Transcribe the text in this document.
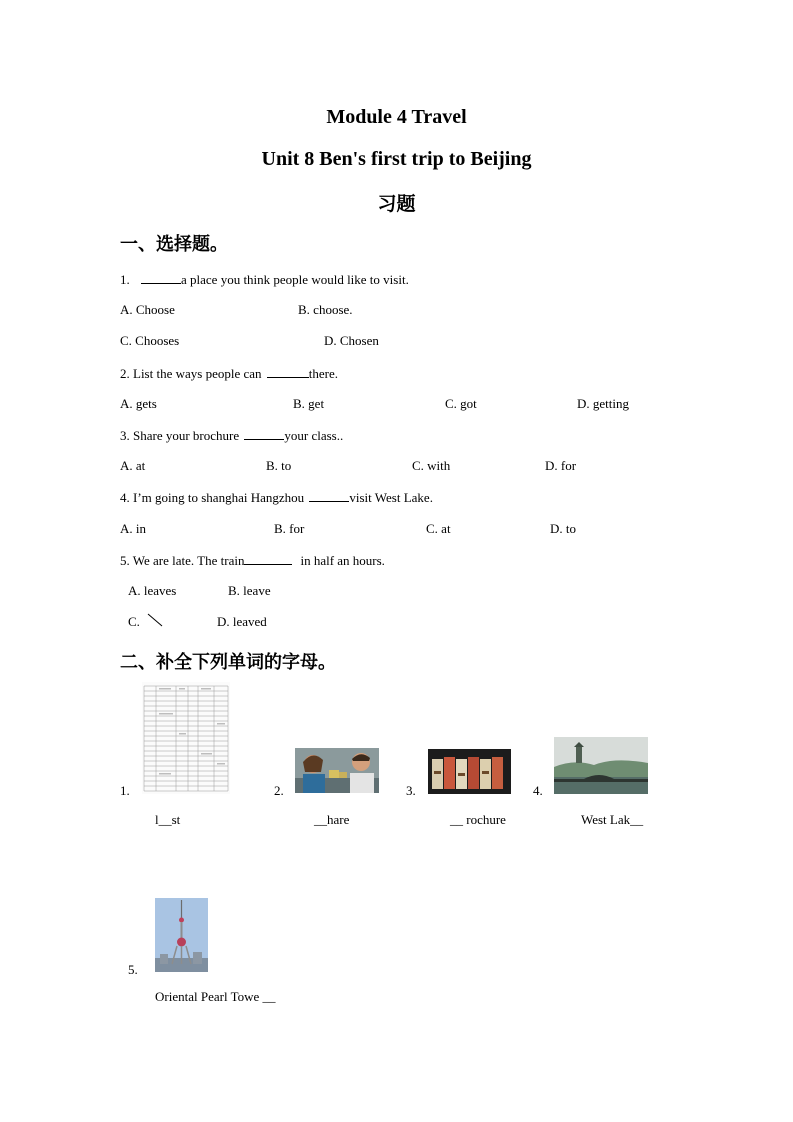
Module 4 Travel
Unit 8 Ben's first trip to Beijing
习题
一、选择题。
1.	a place you think people would like to visit.
A. Choose	B. choose.
C. Chooses	D. Chosen
2. List the ways people can	there.
A. gets	B. get	C. got	D. getting
3. Share your brochure	your class..
A. at	B. to	C. with	D. for
4. I’m going to shanghai Hangzhou	visit West Lake.
A. in	B. for	C. at	D. to
5. We are late. The train	in half an hours.
A. leaves	B. leave
C.	D. leaved
二、补全下列单词的字母。
1.
l__st
2.
__hare
3.
__ rochure
4.
West Lak__
5.
Oriental Pearl Towe __
